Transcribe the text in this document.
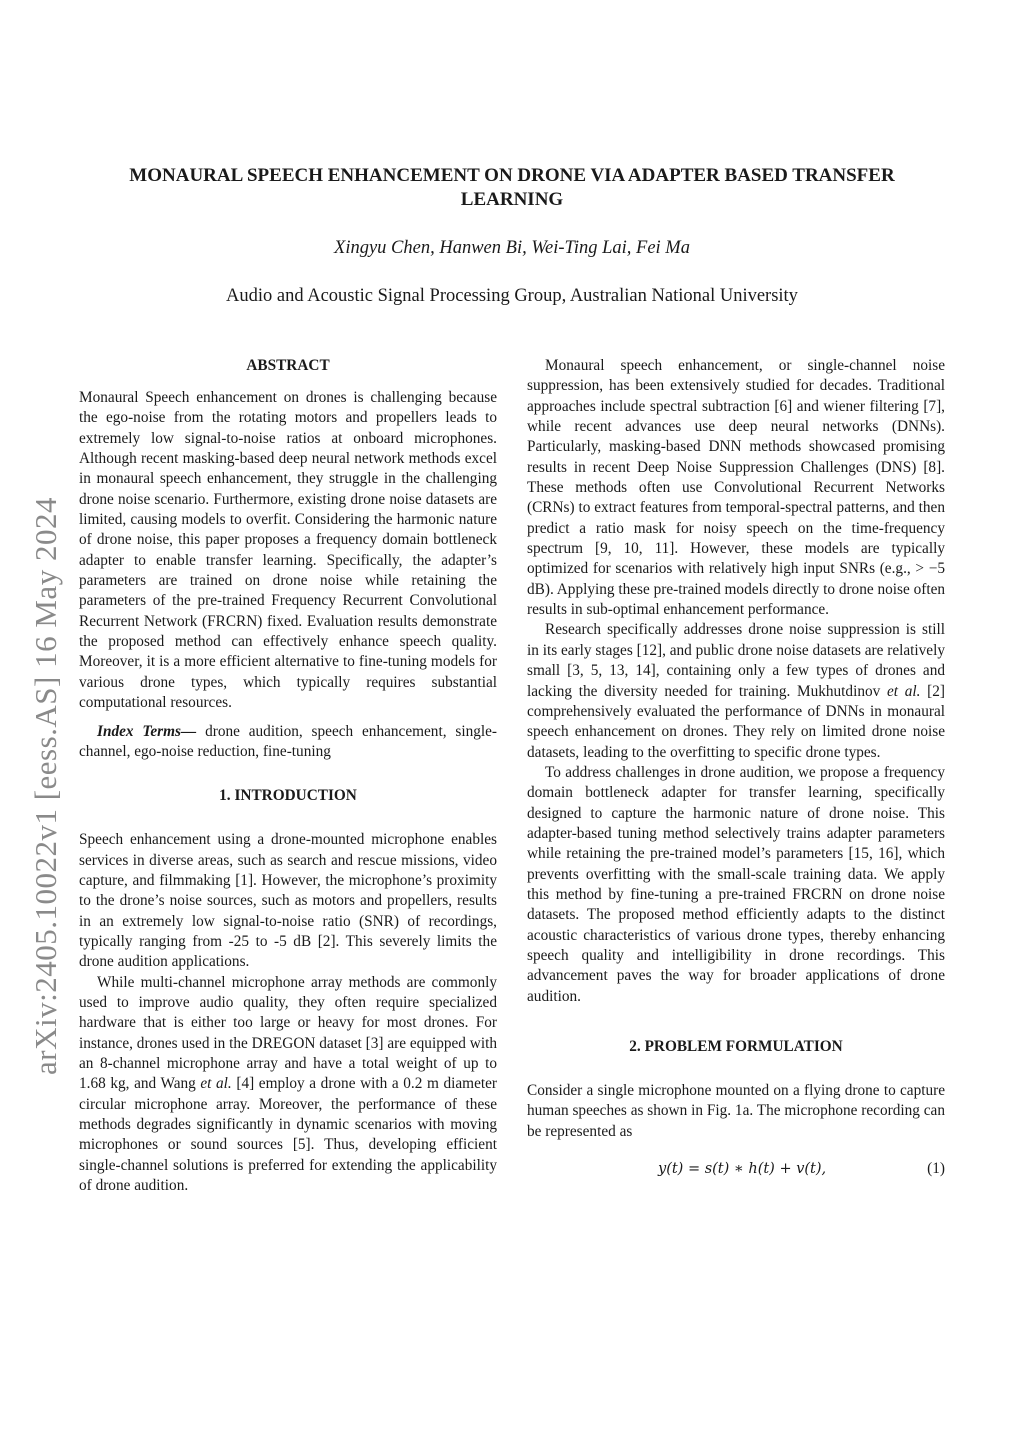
arXiv:2405.10022v1 [eess.AS] 16 May 2024
MONAURAL SPEECH ENHANCEMENT ON DRONE VIA ADAPTER BASED TRANSFER LEARNING
Xingyu Chen, Hanwen Bi, Wei-Ting Lai, Fei Ma
Audio and Acoustic Signal Processing Group, Australian National University

ABSTRACT

Monaural Speech enhancement on drones is challenging because the ego-noise from the rotating motors and propellers leads to extremely low signal-to-noise ratios at onboard microphones. Although recent masking-based deep neural network methods excel in monaural speech enhancement, they struggle in the challenging drone noise scenario. Furthermore, existing drone noise datasets are limited, causing models to overfit. Considering the harmonic nature of drone noise, this paper proposes a frequency domain bottleneck adapter to enable transfer learning. Specifically, the adapter’s parameters are trained on drone noise while retaining the parameters of the pre-trained Frequency Recurrent Convolutional Recurrent Network (FRCRN) fixed. Evaluation results demonstrate the proposed method can effectively enhance speech quality. Moreover, it is a more efficient alternative to fine-tuning models for various drone types, which typically requires substantial computational resources.

Index Terms— drone audition, speech enhancement, single-channel, ego-noise reduction, fine-tuning

1. INTRODUCTION

Speech enhancement using a drone-mounted microphone enables services in diverse areas, such as search and rescue missions, video capture, and filmmaking [1]. However, the microphone’s proximity to the drone’s noise sources, such as motors and propellers, results in an extremely low signal-to-noise ratio (SNR) of recordings, typically ranging from -25 to -5 dB [2]. This severely limits the drone audition applications.

While multi-channel microphone array methods are commonly used to improve audio quality, they often require specialized hardware that is either too large or heavy for most drones. For instance, drones used in the DREGON dataset [3] are equipped with an 8-channel microphone array and have a total weight of up to 1.68 kg, and Wang et al. [4] employ a drone with a 0.2 m diameter circular microphone array. Moreover, the performance of these methods degrades significantly in dynamic scenarios with moving microphones or sound sources [5]. Thus, developing efficient single-channel solutions is preferred for extending the applicability of drone audition.

Monaural speech enhancement, or single-channel noise suppression, has been extensively studied for decades. Traditional approaches include spectral subtraction [6] and wiener filtering [7], while recent advances use deep neural networks (DNNs). Particularly, masking-based DNN methods showcased promising results in recent Deep Noise Suppression Challenges (DNS) [8]. These methods often use Convolutional Recurrent Networks (CRNs) to extract features from temporal-spectral patterns, and then predict a ratio mask for noisy speech on the time-frequency spectrum [9, 10, 11]. However, these models are typically optimized for scenarios with relatively high input SNRs (e.g., > −5 dB). Applying these pre-trained models directly to drone noise often results in sub-optimal enhancement performance.

Research specifically addresses drone noise suppression is still in its early stages [12], and public drone noise datasets are relatively small [3, 5, 13, 14], containing only a few types of drones and lacking the diversity needed for training. Mukhutdinov et al. [2] comprehensively evaluated the performance of DNNs in monaural speech enhancement on drones. They rely on limited drone noise datasets, leading to the overfitting to specific drone types.

To address challenges in drone audition, we propose a frequency domain bottleneck adapter for transfer learning, specifically designed to capture the harmonic nature of drone noise. This adapter-based tuning method selectively trains adapter parameters while retaining the pre-trained model’s parameters [15, 16], which prevents overfitting with the small-scale training data. We apply this method by fine-tuning a pre-trained FRCRN on drone noise datasets. The proposed method efficiently adapts to the distinct acoustic characteristics of various drone types, thereby enhancing speech quality and intelligibility in drone recordings. This advancement paves the way for broader applications of drone audition.

2. PROBLEM FORMULATION

Consider a single microphone mounted on a flying drone to capture human speeches as shown in Fig. 1a. The microphone recording can be represented as

y(t) = s(t) ∗ h(t) + v(t),	(1)
